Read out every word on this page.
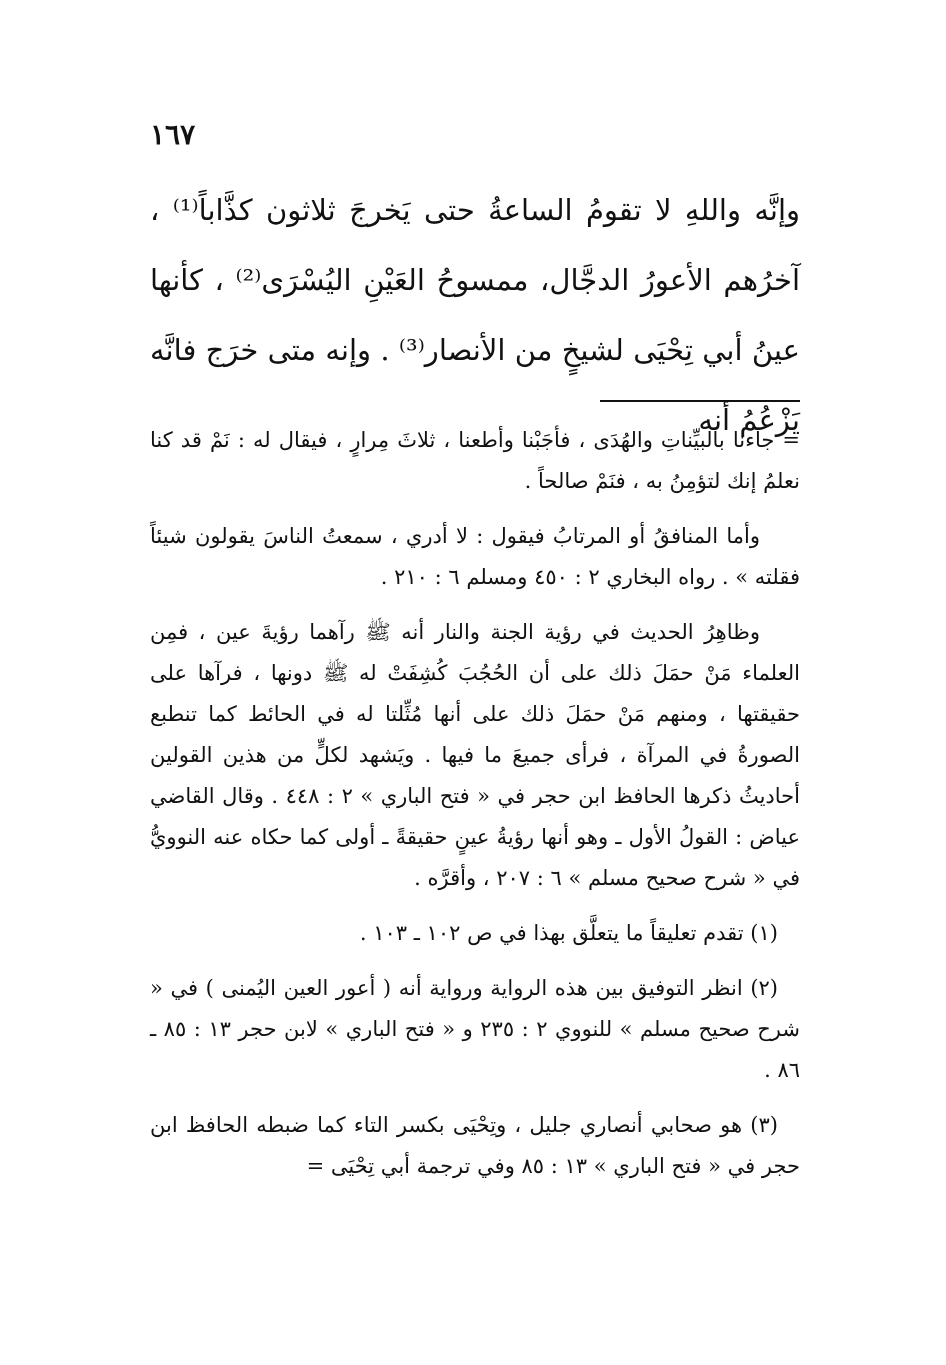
١٦٧
وإنَّه واللهِ لا تقومُ الساعةُ حتى يَخرجَ ثلاثون كذَّاباً⁽¹⁾ ، آخرُهم الأعورُ الدجَّال، ممسوحُ العَيْنِ اليُسْرَى⁽²⁾ ، كأنها عينُ أبي تِحْيَى لشيخٍ من الأنصار⁽³⁾ . وإنه متى خرَج فانَّه يَزْعُمُ أنه

= جاءنا بالبيِّناتِ والهُدَى ، فأجَبْنا وأطعنا ، ثلاثَ مِرارٍ ، فيقال له : نَمْ قد كنا نعلمُ إنك لتؤمِنُ به ، فنَمْ صالحاً .

وأما المنافقُ أو المرتابُ فيقول : لا أدري ، سمعتُ الناسَ يقولون شيئاً فقلته » . رواه البخاري ٢ : ٤٥٠ ومسلم ٦ : ٢١٠ .

وظاهِرُ الحديث في رؤية الجنة والنار أنه ﷺ رآهما رؤيةَ عين ، فمِن العلماء مَنْ حمَلَ ذلك على أن الحُجُبَ كُشِفَتْ له ﷺ دونها ، فرآها على حقيقتها ، ومنهم مَنْ حمَلَ ذلك على أنها مُثِّلتا له في الحائط كما تنطبع الصورةُ في المرآة ، فرأى جميعَ ما فيها . ويَشهد لكلٍّ من هذين القولين أحاديثُ ذكرها الحافظ ابن حجر في « فتح الباري » ٢ : ٤٤٨ . وقال القاضي عياض : القولُ الأول ـ وهو أنها رؤيةُ عينٍ حقيقةً ـ أولى كما حكاه عنه النوويُّ في « شرح صحيح مسلم » ٦ : ٢٠٧ ، وأقرَّه .

(١) تقدم تعليقاً ما يتعلَّق بهذا في ص ١٠٢ ـ ١٠٣ .

(٢) انظر التوفيق بين هذه الرواية ورواية أنه ( أعور العين اليُمنى ) في « شرح صحيح مسلم » للنووي ٢ : ٢٣٥ و « فتح الباري » لابن حجر ١٣ : ٨٥ ـ ٨٦ .

(٣) هو صحابي أنصاري جليل ، وتِحْيَى بكسر التاء كما ضبطه الحافظ ابن حجر في « فتح الباري » ١٣ : ٨٥ وفي ترجمة أبي تِحْيَى =
